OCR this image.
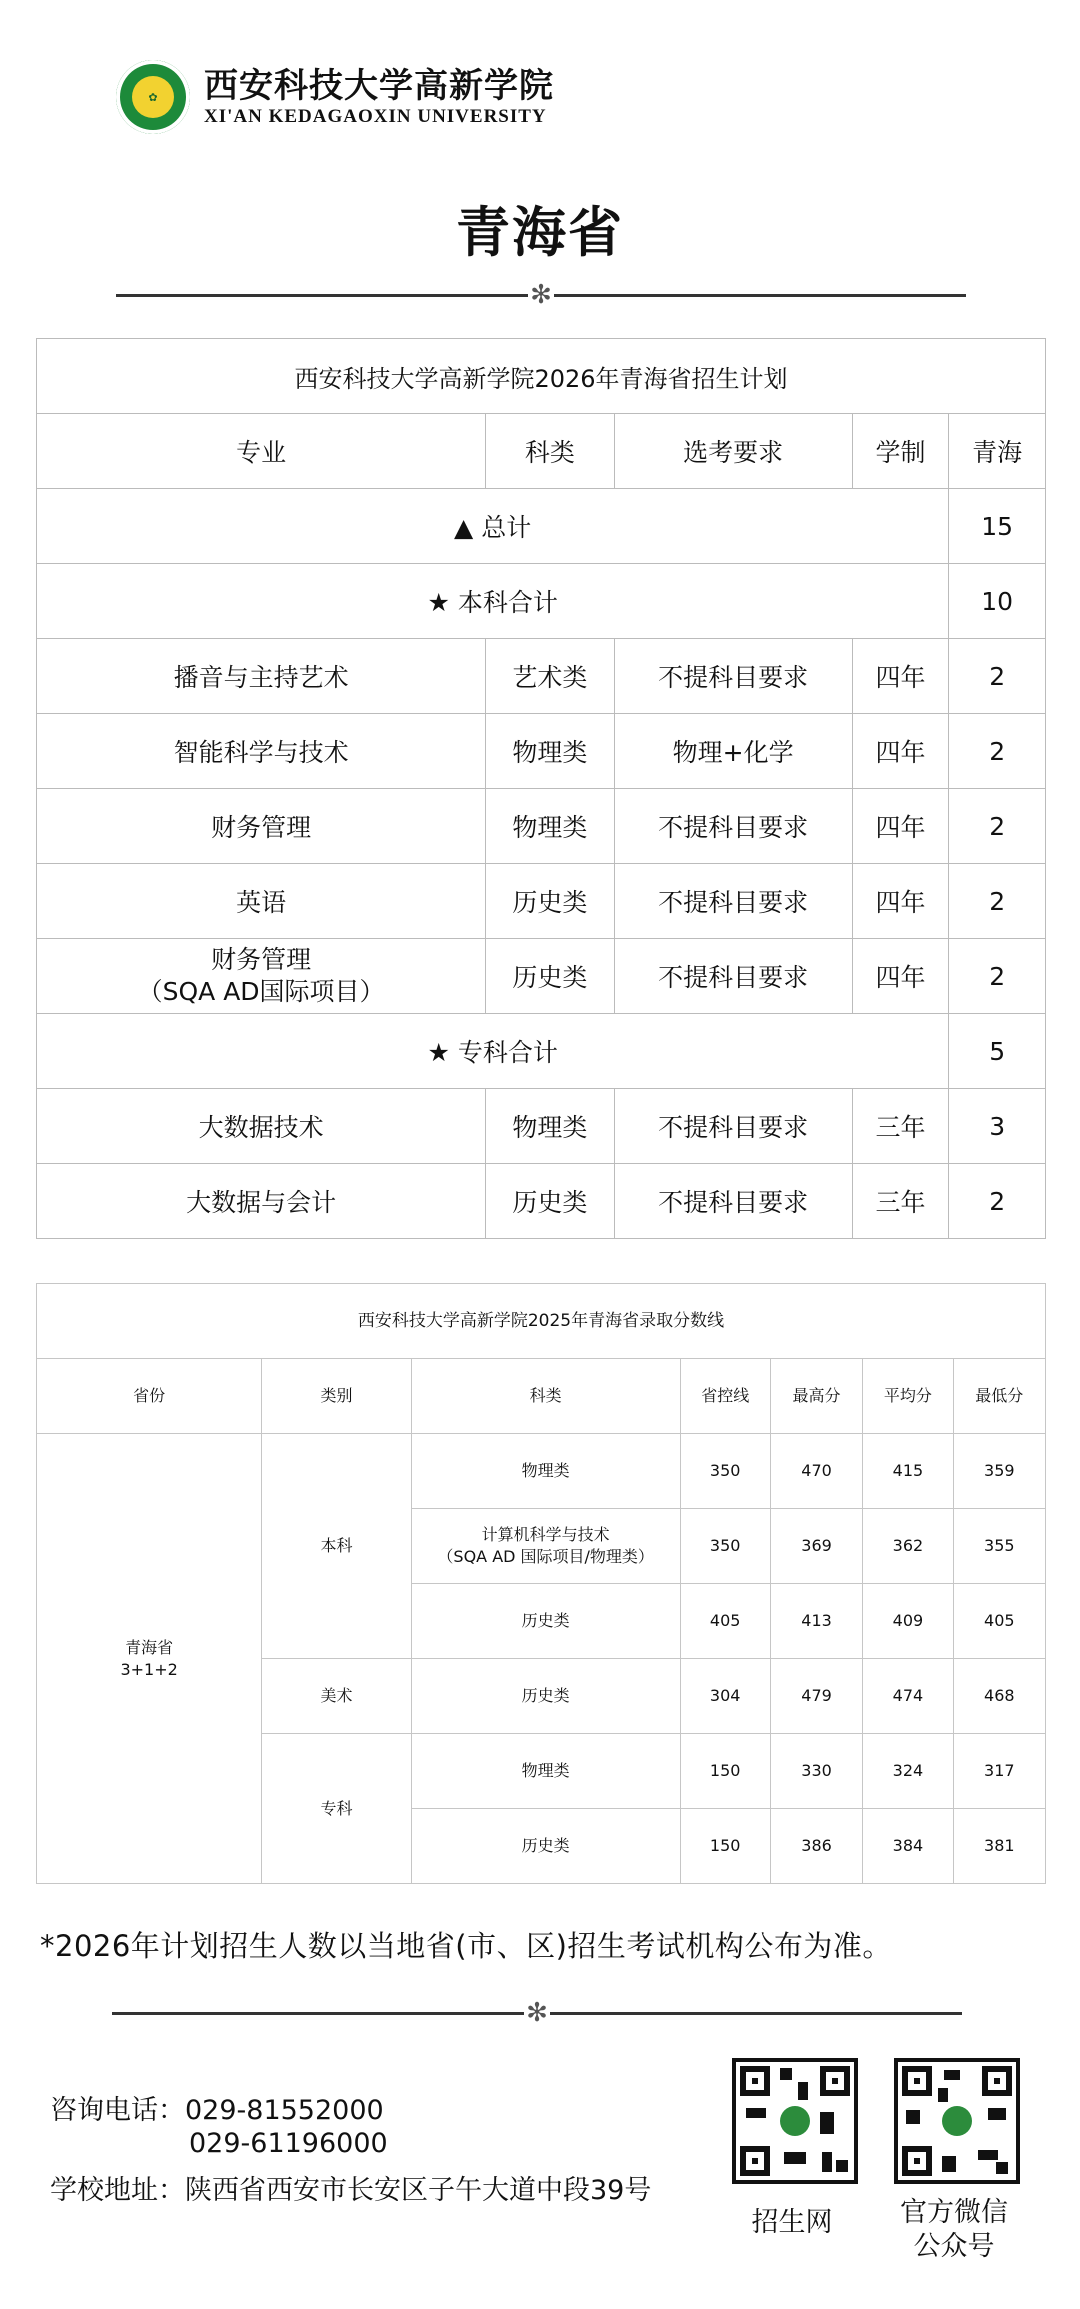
✿	西安科技大学高新学院
XI'AN KEDAGAOXIN UNIVERSITY
青海省
✻
西安科技大学高新学院2026年青海省招生计划				
专业	科类	选考要求	学制	青海
▲ 总计				15
★ 本科合计				10
播音与主持艺术	艺术类	不提科目要求	四年	2
智能科学与技术	物理类	物理+化学	四年	2
财务管理	物理类	不提科目要求	四年	2
英语	历史类	不提科目要求	四年	2

财务管理
（SQA AD国际项目）	历史类	不提科目要求	四年	2
★ 专科合计				5
大数据技术	物理类	不提科目要求	三年	3
大数据与会计	历史类	不提科目要求	三年	2
西安科技大学高新学院2025年青海省录取分数线						
省份	类别	科类	省控线	最高分	平均分	最低分

青海省
3+1+2	本科	物理类	350	470	415	359

		计算机科学与技术
（SQA AD 国际项目/物理类）	350	369	362	355
		历史类	405	413	409	405
	美术	历史类	304	479	474	468
	专科	物理类	150	330	324	317
		历史类	150	386	384	381
*2026年计划招生人数以当地省(市、区)招生考试机构公布为准。
✻
咨询电话：029-81552000
029-61196000
学校地址：陕西省西安市长安区子午大道中段39号
招生网	官方微信
公众号
